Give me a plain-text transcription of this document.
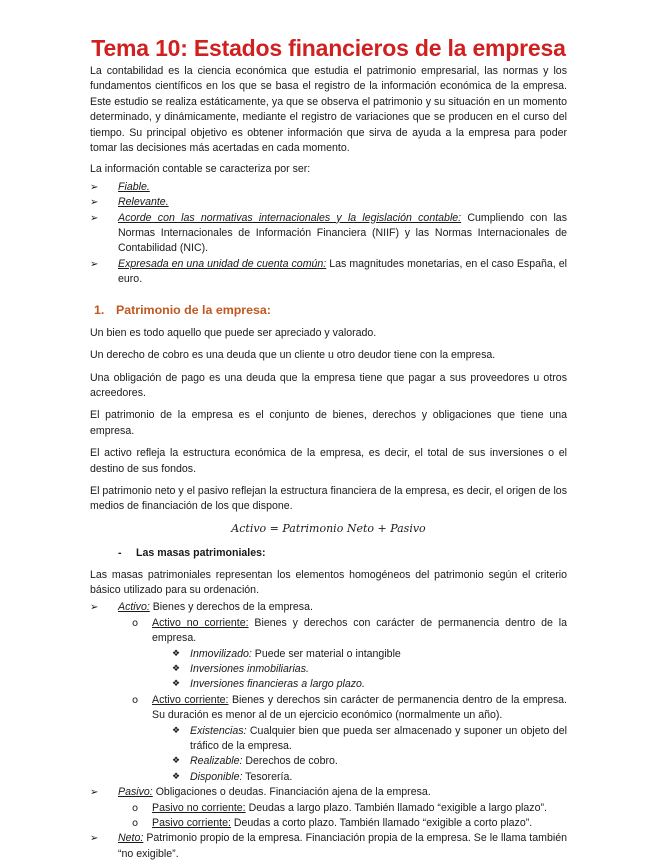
Tema 10: Estados financieros de la empresa

La contabilidad es la ciencia económica que estudia el patrimonio empresarial, las normas y los fundamentos científicos en los que se basa el registro de la información económica de la empresa. Este estudio se realiza estáticamente, ya que se observa el patrimonio y su situación en un momento determinado, y dinámicamente, mediante el registro de variaciones que se producen en el curso del tiempo. Su principal objetivo es obtener información que sirva de ayuda a la empresa para poder tomar las decisiones más acertadas en cada momento.

La información contable se caracteriza por ser:

➢ Fiable.
➢ Relevante.
➢ Acorde con las normativas internacionales y la legislación contable: Cumpliendo con las Normas Internacionales de Información Financiera (NIIF) y las Normas Internacionales de Contabilidad (NIC).
➢ Expresada en una unidad de cuenta común: Las magnitudes monetarias, en el caso España, el euro.
1. Patrimonio de la empresa:

Un bien es todo aquello que puede ser apreciado y valorado.

Un derecho de cobro es una deuda que un cliente u otro deudor tiene con la empresa.

Una obligación de pago es una deuda que la empresa tiene que pagar a sus proveedores u otros acreedores.

El patrimonio de la empresa es el conjunto de bienes, derechos y obligaciones que tiene una empresa.

El activo refleja la estructura económica de la empresa, es decir, el total de sus inversiones o el destino de sus fondos.

El patrimonio neto y el pasivo reflejan la estructura financiera de la empresa, es decir, el origen de los medios de financiación de los que dispone.

Activo = Patrimonio Neto + Pasivo
- Las masas patrimoniales:

Las masas patrimoniales representan los elementos homogéneos del patrimonio según el criterio básico utilizado para su ordenación.

➢ Activo: Bienes y derechos de la empresa.
o Activo no corriente: Bienes y derechos con carácter de permanencia dentro de la empresa.
❖ Inmovilizado: Puede ser material o intangible
❖ Inversiones inmobiliarias.
❖ Inversiones financieras a largo plazo.
o Activo corriente: Bienes y derechos sin carácter de permanencia dentro de la empresa. Su duración es menor al de un ejercicio económico (normalmente un año).
❖ Existencias: Cualquier bien que pueda ser almacenado y suponer un objeto del tráfico de la empresa.
❖ Realizable: Derechos de cobro.
❖ Disponible: Tesorería.
➢ Pasivo: Obligaciones o deudas. Financiación ajena de la empresa.
o Pasivo no corriente: Deudas a largo plazo. También llamado “exigible a largo plazo”.
o Pasivo corriente: Deudas a corto plazo. También llamado “exigible a corto plazo”.
➢ Neto: Patrimonio propio de la empresa. Financiación propia de la empresa. Se le llama también “no exigible”.
